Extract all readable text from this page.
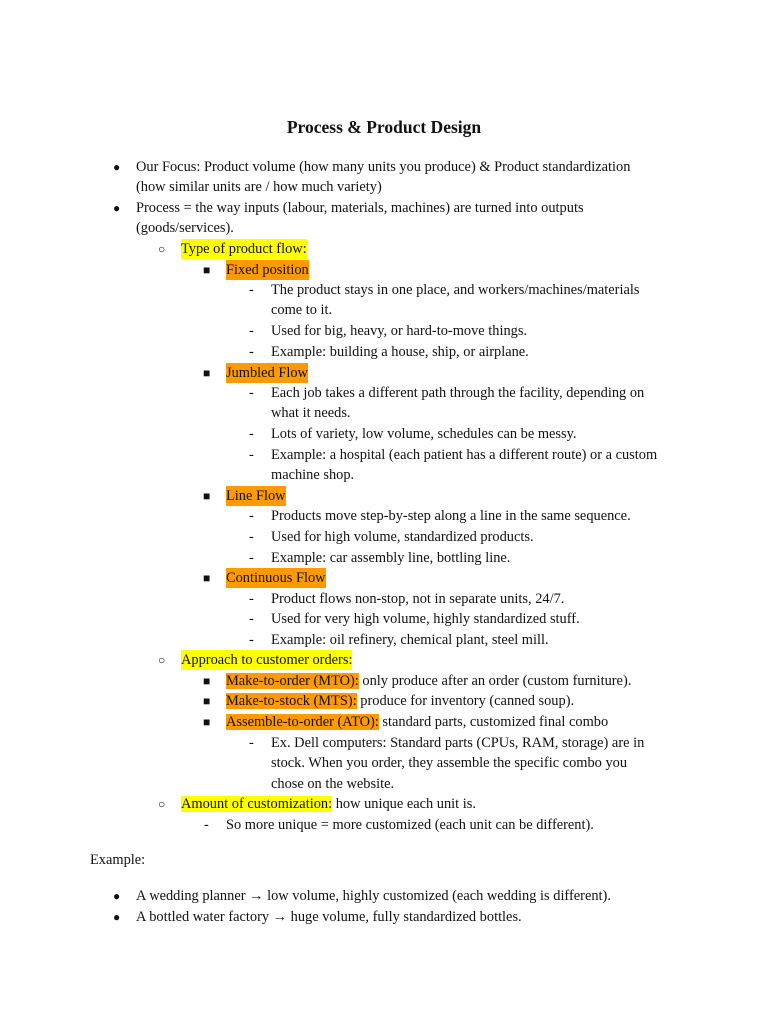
Process & Product Design
● Our Focus: Product volume (how many units you produce) & Product standardization
(how similar units are / how much variety)
● Process = the way inputs (labour, materials, machines) are turned into outputs
(goods/services).
○ Type of product flow:
■ Fixed position
- The product stays in one place, and workers/machines/materials
come to it.
- Used for big, heavy, or hard-to-move things.
- Example: building a house, ship, or airplane.
■ Jumbled Flow
- Each job takes a different path through the facility, depending on
what it needs.
- Lots of variety, low volume, schedules can be messy.
- Example: a hospital (each patient has a different route) or a custom
machine shop.
■ Line Flow
- Products move step-by-step along a line in the same sequence.
- Used for high volume, standardized products.
- Example: car assembly line, bottling line.
■ Continuous Flow
- Product flows non-stop, not in separate units, 24/7.
- Used for very high volume, highly standardized stuff.
- Example: oil refinery, chemical plant, steel mill.
○ Approach to customer orders:
■ Make-to-order (MTO): only produce after an order (custom furniture).
■ Make-to-stock (MTS): produce for inventory (canned soup).
■ Assemble-to-order (ATO): standard parts, customized final combo
- Ex. Dell computers: Standard parts (CPUs, RAM, storage) are in
stock. When you order, they assemble the specific combo you
chose on the website.
○ Amount of customization: how unique each unit is.
- So more unique = more customized (each unit can be different).
Example:
● A wedding planner → low volume, highly customized (each wedding is different).
● A bottled water factory → huge volume, fully standardized bottles.
